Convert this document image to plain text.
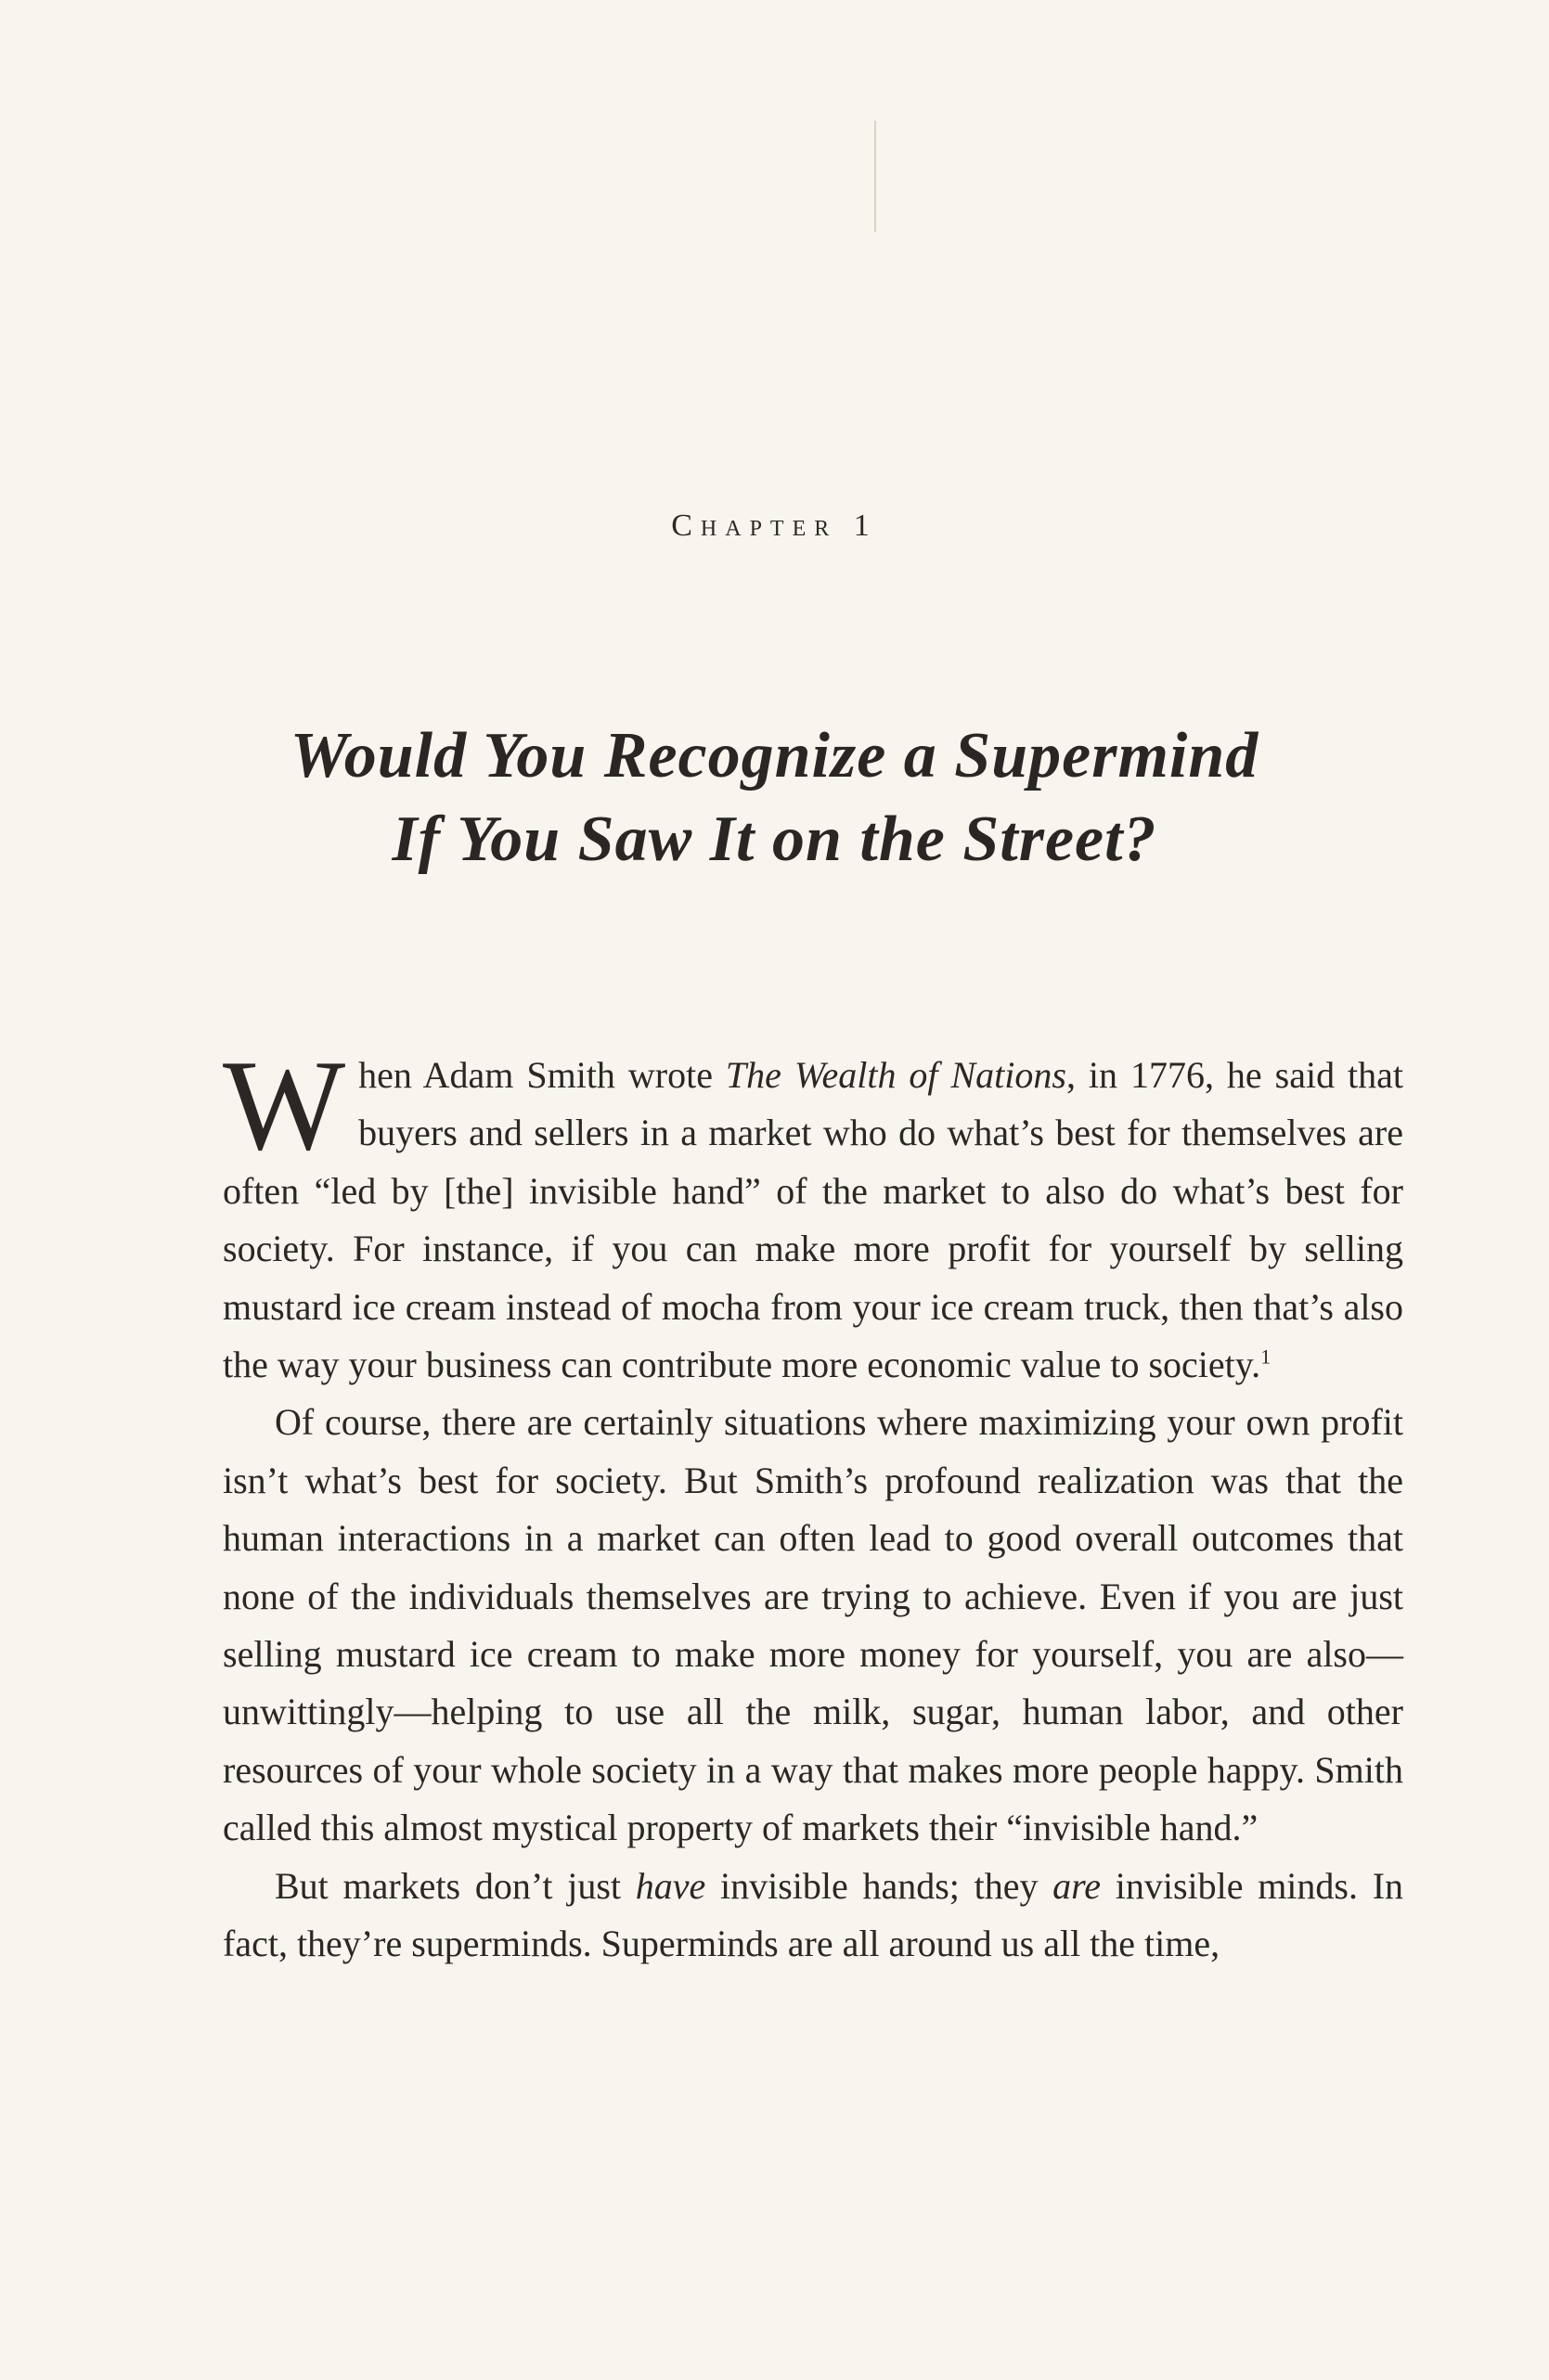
Chapter 1
Would You Recognize a Supermind
If You Saw It on the Street?

When Adam Smith wrote The Wealth of Nations, in 1776, he said that buyers and sellers in a market who do what’s best for themselves are often “led by [the] invisible hand” of the market to also do what’s best for society. For instance, if you can make more profit for yourself by selling mustard ice cream instead of mocha from your ice cream truck, then that’s also the way your business can contribute more economic value to society.$^1$

Of course, there are certainly situations where maximizing your own profit isn’t what’s best for society. But Smith’s profound realization was that the human interactions in a market can often lead to good overall outcomes that none of the individuals themselves are trying to achieve. Even if you are just selling mustard ice cream to make more money for yourself, you are also—unwittingly—helping to use all the milk, sugar, human labor, and other resources of your whole society in a way that makes more people happy. Smith called this almost mystical property of markets their “invisible hand.”

But markets don’t just have invisible hands; they are invisible minds. In fact, they’re superminds. Superminds are all around us all the time,
